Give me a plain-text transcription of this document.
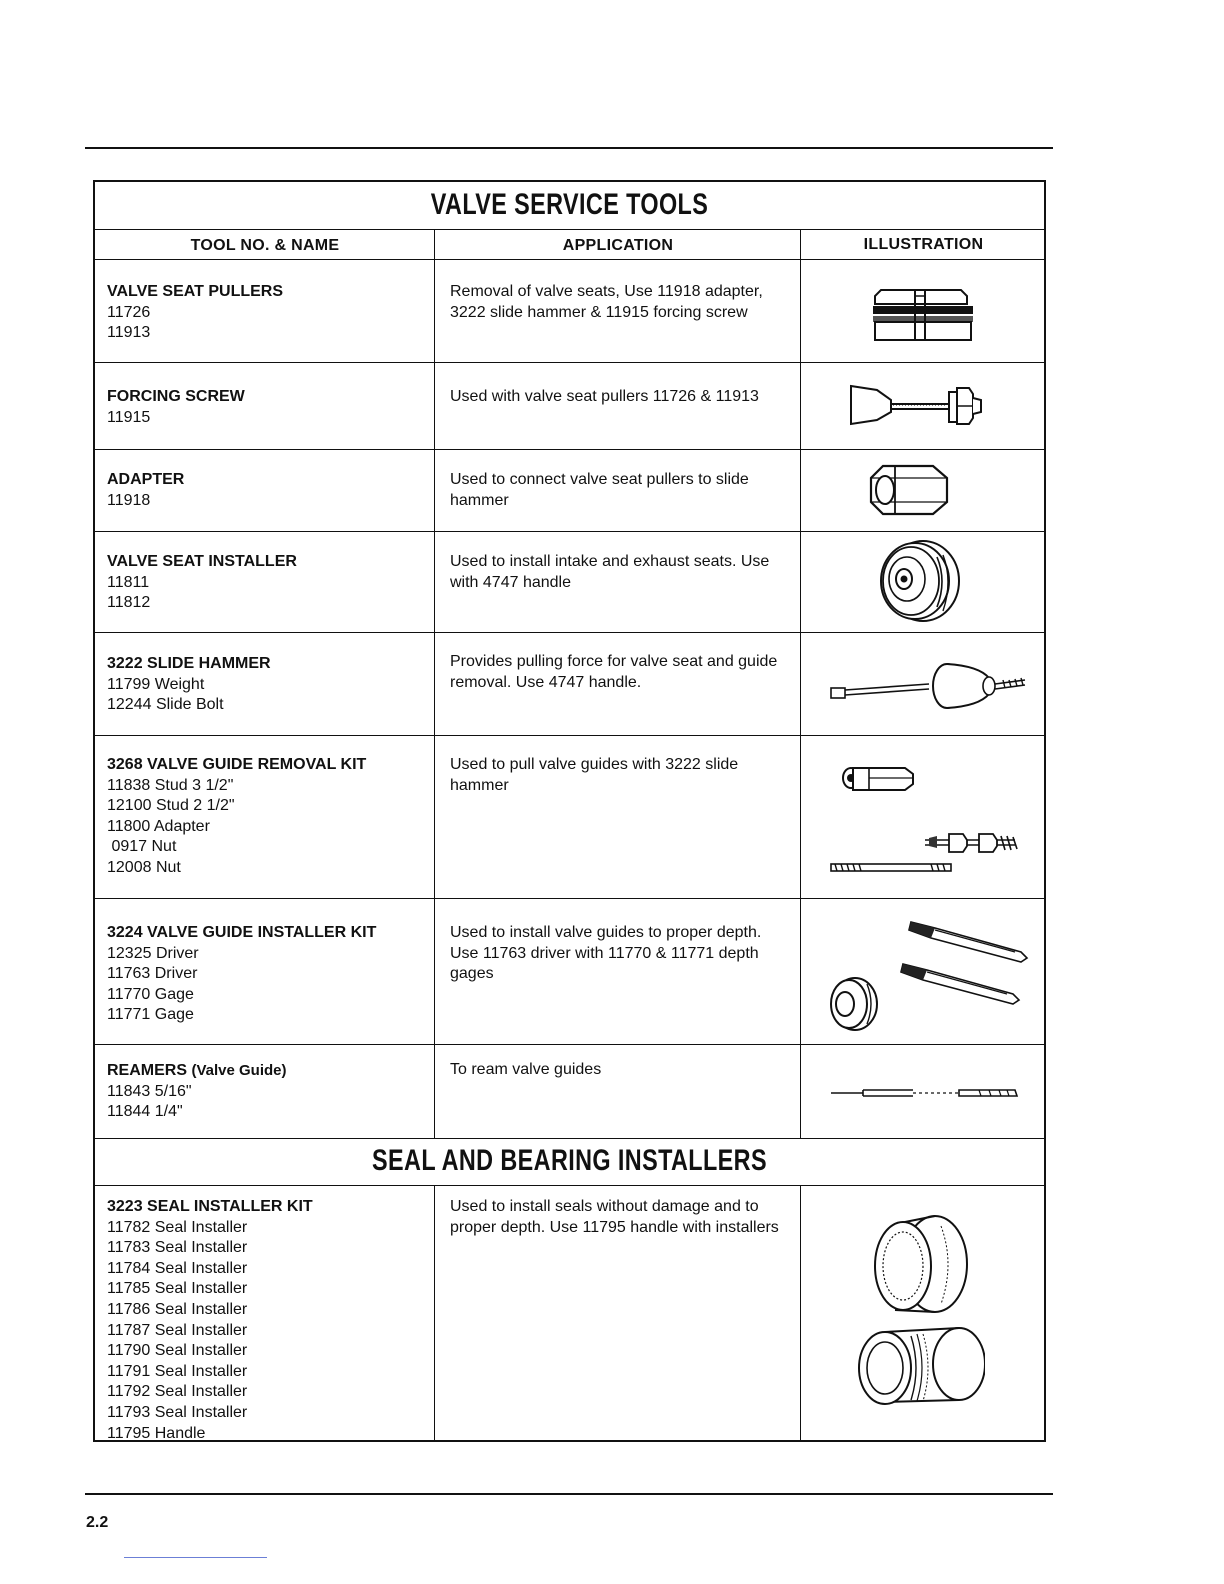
VALVE SERVICE TOOLS
TOOL NO. & NAME	APPLICATION	ILLUSTRATION
VALVE SEAT PULLERS
11726
11913
Removal of valve seats, Use 11918 adapter, 3222 slide hammer & 11915 forcing screw
FORCING SCREW
11915
Used with valve seat pullers 11726 & 11913
ADAPTER
11918
Used to connect valve seat pullers to slide hammer
VALVE SEAT INSTALLER
11811
11812
Used to install intake and exhaust seats. Use with 4747 handle
3222 SLIDE HAMMER
11799 Weight
12244 Slide Bolt
Provides pulling force for valve seat and guide removal. Use 4747 handle.
3268 VALVE GUIDE REMOVAL KIT
11838 Stud 3 1/2"
12100 Stud 2 1/2"
11800 Adapter
0917 Nut
12008 Nut
Used to pull valve guides with 3222 slide hammer
3224 VALVE GUIDE INSTALLER KIT
12325 Driver
11763 Driver
11770 Gage
11771 Gage
Used to install valve guides to proper depth. Use 11763 driver with 11770 & 11771 depth gages
REAMERS (Valve Guide)
11843 5/16"
11844 1/4"
To ream valve guides
SEAL AND BEARING INSTALLERS
3223 SEAL INSTALLER KIT
11782 Seal Installer
11783 Seal Installer
11784 Seal Installer
11785 Seal Installer
11786 Seal Installer
11787 Seal Installer
11790 Seal Installer
11791 Seal Installer
11792 Seal Installer
11793 Seal Installer
11795 Handle
Used to install seals without damage and to proper depth. Use 11795 handle with installers
2.2
